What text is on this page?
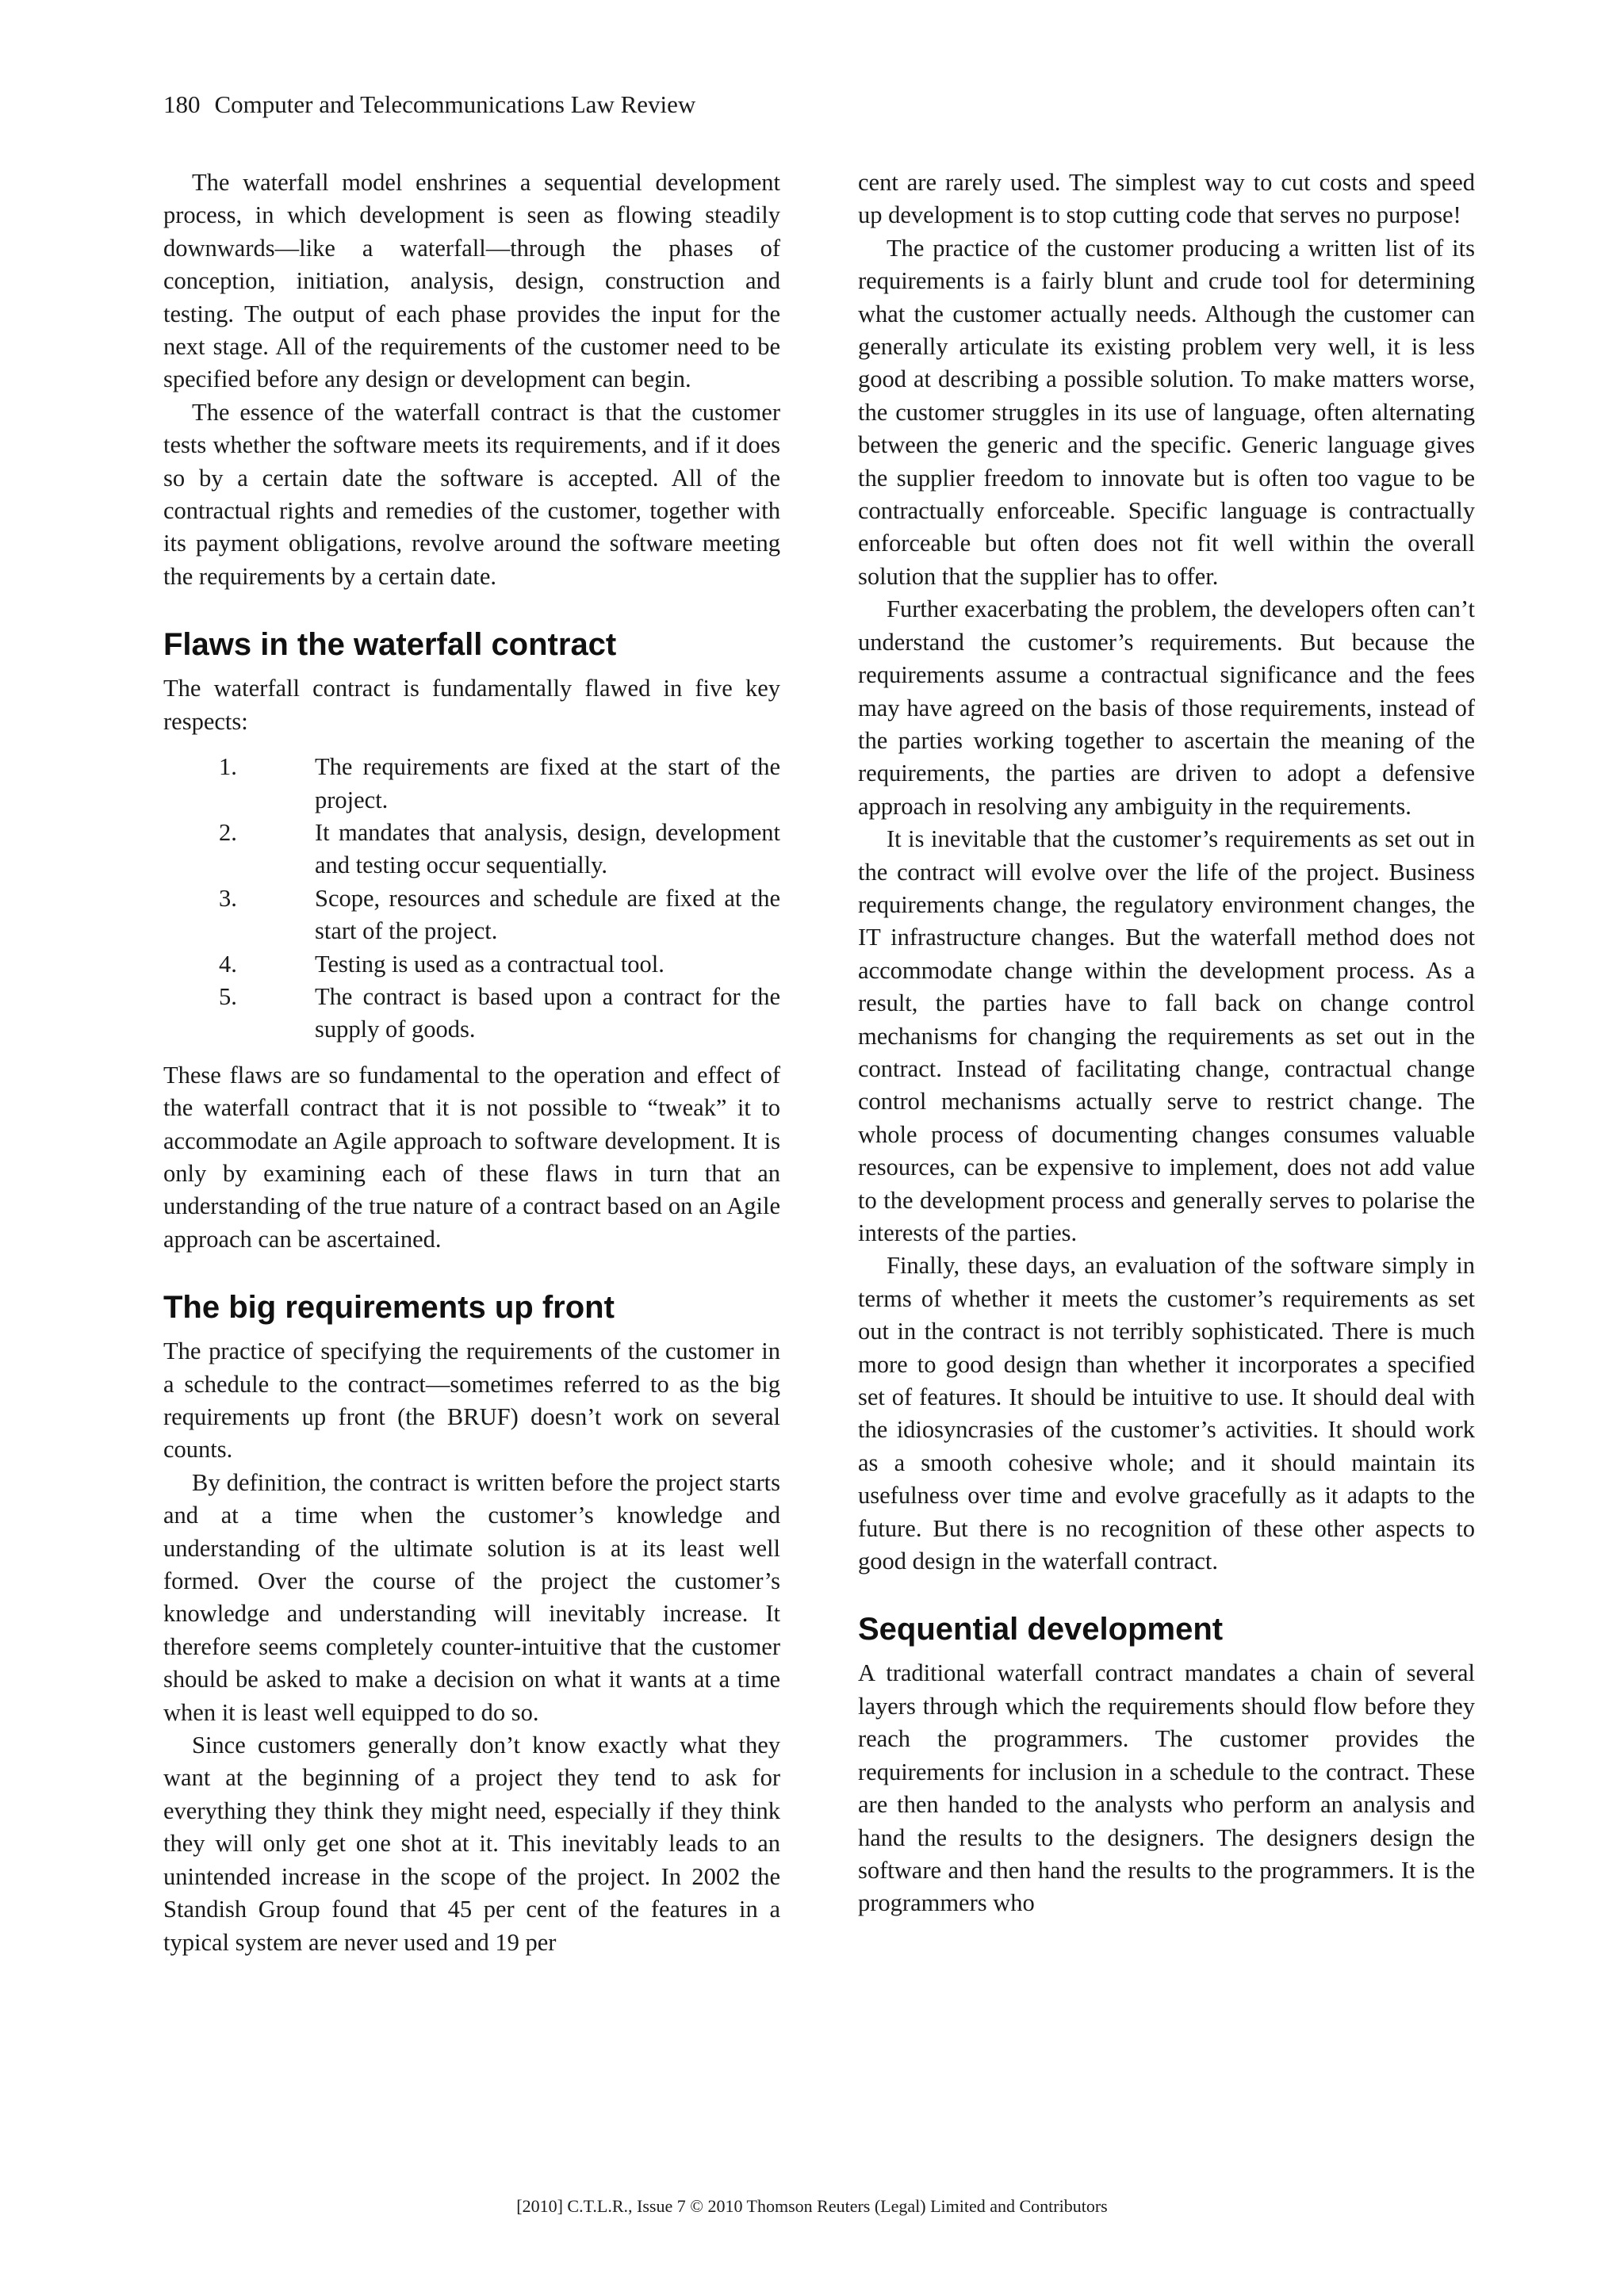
180 Computer and Telecommunications Law Review

The waterfall model enshrines a sequential development process, in which development is seen as flowing steadily downwards—like a waterfall—through the phases of conception, initiation, analysis, design, construction and testing. The output of each phase provides the input for the next stage. All of the requirements of the customer need to be specified before any design or development can begin.

The essence of the waterfall contract is that the customer tests whether the software meets its requirements, and if it does so by a certain date the software is accepted. All of the contractual rights and remedies of the customer, together with its payment obligations, revolve around the software meeting the requirements by a certain date.

Flaws in the waterfall contract

The waterfall contract is fundamentally flawed in five key respects:

1.	The requirements are fixed at the start of the project.
2.	It mandates that analysis, design, development and testing occur sequentially.
3.	Scope, resources and schedule are fixed at the start of the project.
4.	Testing is used as a contractual tool.
5.	The contract is based upon a contract for the supply of goods.

These flaws are so fundamental to the operation and effect of the waterfall contract that it is not possible to “tweak” it to accommodate an Agile approach to software development. It is only by examining each of these flaws in turn that an understanding of the true nature of a contract based on an Agile approach can be ascertained.

The big requirements up front

The practice of specifying the requirements of the customer in a schedule to the contract—sometimes referred to as the big requirements up front (the BRUF) doesn’t work on several counts.

By definition, the contract is written before the project starts and at a time when the customer’s knowledge and understanding of the ultimate solution is at its least well formed. Over the course of the project the customer’s knowledge and understanding will inevitably increase. It therefore seems completely counter-intuitive that the customer should be asked to make a decision on what it wants at a time when it is least well equipped to do so.

Since customers generally don’t know exactly what they want at the beginning of a project they tend to ask for everything they think they might need, especially if they think they will only get one shot at it. This inevitably leads to an unintended increase in the scope of the project. In 2002 the Standish Group found that 45 per cent of the features in a typical system are never used and 19 per

cent are rarely used. The simplest way to cut costs and speed up development is to stop cutting code that serves no purpose!

The practice of the customer producing a written list of its requirements is a fairly blunt and crude tool for determining what the customer actually needs. Although the customer can generally articulate its existing problem very well, it is less good at describing a possible solution. To make matters worse, the customer struggles in its use of language, often alternating between the generic and the specific. Generic language gives the supplier freedom to innovate but is often too vague to be contractually enforceable. Specific language is contractually enforceable but often does not fit well within the overall solution that the supplier has to offer.

Further exacerbating the problem, the developers often can’t understand the customer’s requirements. But because the requirements assume a contractual significance and the fees may have agreed on the basis of those requirements, instead of the parties working together to ascertain the meaning of the requirements, the parties are driven to adopt a defensive approach in resolving any ambiguity in the requirements.

It is inevitable that the customer’s requirements as set out in the contract will evolve over the life of the project. Business requirements change, the regulatory environment changes, the IT infrastructure changes. But the waterfall method does not accommodate change within the development process. As a result, the parties have to fall back on change control mechanisms for changing the requirements as set out in the contract. Instead of facilitating change, contractual change control mechanisms actually serve to restrict change. The whole process of documenting changes consumes valuable resources, can be expensive to implement, does not add value to the development process and generally serves to polarise the interests of the parties.

Finally, these days, an evaluation of the software simply in terms of whether it meets the customer’s requirements as set out in the contract is not terribly sophisticated. There is much more to good design than whether it incorporates a specified set of features. It should be intuitive to use. It should deal with the idiosyncrasies of the customer’s activities. It should work as a smooth cohesive whole; and it should maintain its usefulness over time and evolve gracefully as it adapts to the future. But there is no recognition of these other aspects to good design in the waterfall contract.

Sequential development

A traditional waterfall contract mandates a chain of several layers through which the requirements should flow before they reach the programmers. The customer provides the requirements for inclusion in a schedule to the contract. These are then handed to the analysts who perform an analysis and hand the results to the designers. The designers design the software and then hand the results to the programmers. It is the programmers who

[2010] C.T.L.R., Issue 7 © 2010 Thomson Reuters (Legal) Limited and Contributors
